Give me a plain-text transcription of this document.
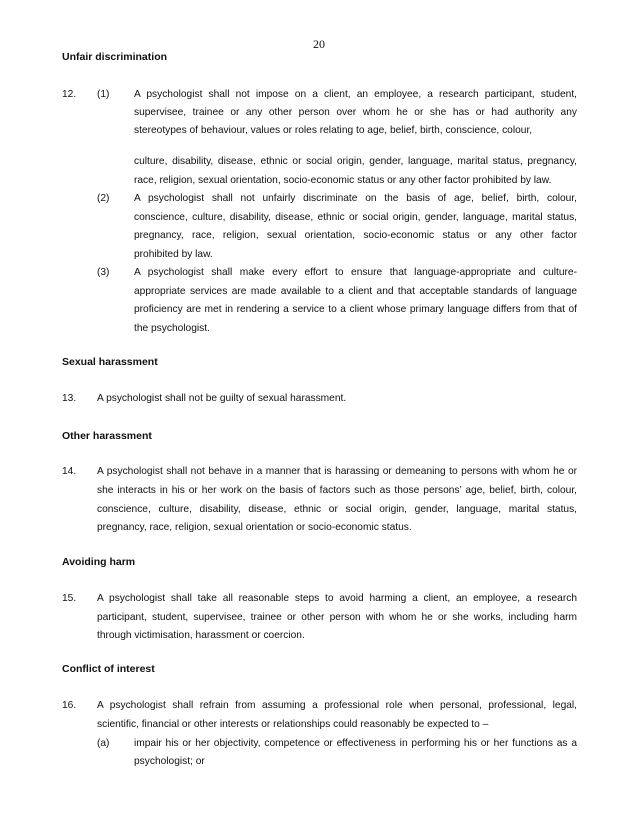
20
Unfair discrimination
12. (1) A psychologist shall not impose on a client, an employee, a research participant, student,
supervisee, trainee or any other person over whom he or she has or had authority any
stereotypes of behaviour, values or roles relating to age, belief, birth, conscience, colour,
culture, disability, disease, ethnic or social origin, gender, language, marital status, pregnancy,
race, religion, sexual orientation, socio-economic status or any other factor prohibited by law.
(2) A psychologist shall not unfairly discriminate on the basis of age, belief, birth, colour,
conscience, culture, disability, disease, ethnic or social origin, gender, language, marital status,
pregnancy, race, religion, sexual orientation, socio-economic status or any other factor
prohibited by law.
(3) A psychologist shall make every effort to ensure that language-appropriate and culture-
appropriate services are made available to a client and that acceptable standards of language
proficiency are met in rendering a service to a client whose primary language differs from that of
the psychologist.
Sexual harassment
13. A psychologist shall not be guilty of sexual harassment.
Other harassment
14. A psychologist shall not behave in a manner that is harassing or demeaning to persons with whom he or
she interacts in his or her work on the basis of factors such as those persons’ age, belief, birth, colour,
conscience, culture, disability, disease, ethnic or social origin, gender, language, marital status,
pregnancy, race, religion, sexual orientation or socio-economic status.
Avoiding harm
15. A psychologist shall take all reasonable steps to avoid harming a client, an employee, a research
participant, student, supervisee, trainee or other person with whom he or she works, including harm
through victimisation, harassment or coercion.
Conflict of interest
16. A psychologist shall refrain from assuming a professional role when personal, professional, legal,
scientific, financial or other interests or relationships could reasonably be expected to –
(a) impair his or her objectivity, competence or effectiveness in performing his or her functions as a
psychologist; or
